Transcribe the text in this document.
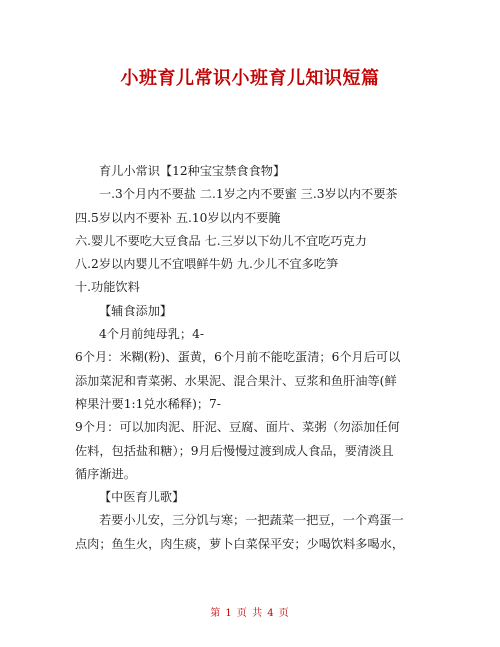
小班育儿常识小班育儿知识短篇
育儿小常识【12种宝宝禁食食物】
一.3个月内不要盐 二.1岁之内不要蜜 三.3岁以内不要茶
四.5岁以内不要补 五.10岁以内不要腌
六.婴儿不要吃大豆食品 七.三岁以下幼儿不宜吃巧克力
八.2岁以内婴儿不宜喂鲜牛奶 九.少儿不宜多吃笋
十.功能饮料
【辅食添加】
4个月前纯母乳；4-
6个月：米糊(粉)、蛋黄，6个月前不能吃蛋清；6个月后可以
添加菜泥和青菜粥、水果泥、混合果汁、豆浆和鱼肝油等(鲜
榨果汁要1:1兑水稀释)；7-
9个月：可以加肉泥、肝泥、豆腐、面片、菜粥（勿添加任何
佐料，包括盐和糖）；9月后慢慢过渡到成人食品，要清淡且
循序渐进。
【中医育儿歌】
若要小儿安，三分饥与寒；一把蔬菜一把豆，一个鸡蛋一
点肉；鱼生火，肉生痰，萝卜白菜保平安；少喝饮料多喝水，
第 1 页 共 4 页
